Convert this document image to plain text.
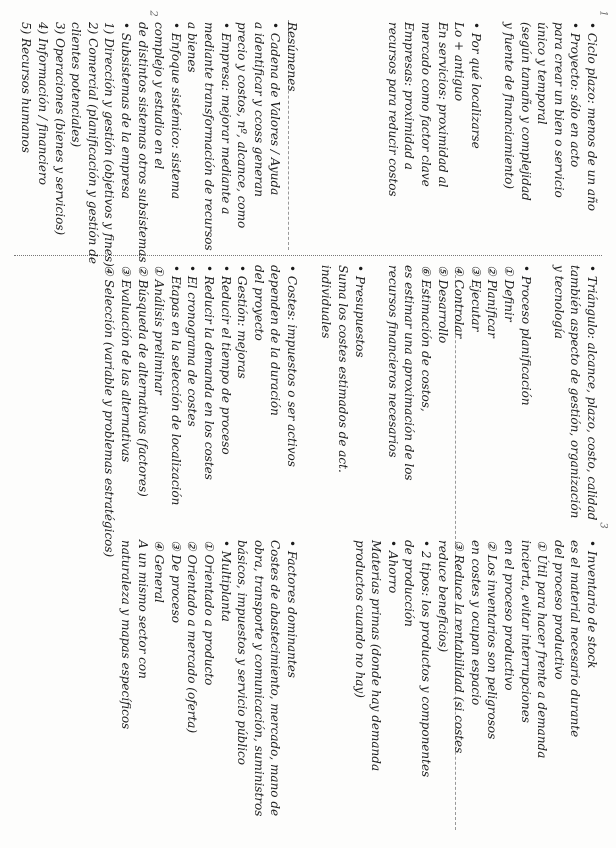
2	1
3
Resúmenes
• Cadena de Valores / Ayuda
a identificar y ccoss generan
precio y costos, nº, alcance, como
• Empresa: mejorar mediante a
mediante transformación de recursos
a bienes
• Enfoque sistémico: sistema
complejo y estudio en el
de distintos sistemas otros subsistemas
• Subsistemas de la empresa
1) Dirección y gestión (objetivos y fines)
2) Comercial (planificación y gestión de
clientes potenciales)
3) Operaciones (bienes y servicios)
4) Información / financiero
5) Recursos humanos	• Ciclo plazo: menos de un año
• Proyecto: sólo en acto
para crear un bien o servicio
único y temporal
(según tamaño y complejidad
y fuente de financiamiento)
• Por qué localizarse
Lo + antiguo
En servicios: proximidad al
mercado como factor clave
Empresas: proximidad a
recursos para reducir costos
• Triángulo: alcance, plazo, costo, calidad
también aspecto de gestión, organización
y tecnología
• Proceso planificación
① Definir
② Planificar
③ Ejecutar
④ Controlar
⑤ Desarrollo
⑥ Estimación de costos,
es estimar una aproximación de los
recursos financieros necesarios
• Presupuestos
Suma los costes estimados de act.
individuales
• Costes: impuestos o ser activos
dependen de la duración
del proyecto
• Gestión: mejoras
• Reducir el tiempo de proceso
• Reducir la demanda en los costes
• El cronograma de costes
• Etapas en la selección de localización
① Análisis preliminar
② Búsqueda de alternativas (factores)
③ Evaluación de las alternativas
④ Selección (variable y problemas estratégicos)
• Inventario de stock
es el material necesario durante
del proceso productivo
① Útil para hacer frente a demanda
incierta, evitar interrupciones
en el proceso productivo
② Los inventarios son peligrosos
en costes y ocupan espacio
③ Reduce la rentabilidad (si costes
reduce beneficios)
• 2 tipos: los productos y componentes
de producción
• Ahorro
Materias primas (donde hay demanda
productos cuando no hay)
• Factores dominantes
Costes de abastecimiento, mercado, mano de
obra, transporte y comunicación, suministros
básicos, impuestos y servicio público
• Multiplanta
① Orientado a producto
② Orientado a mercado (oferta)
③ De proceso
④ General
A un mismo sector con
naturaleza y mapas específicos
